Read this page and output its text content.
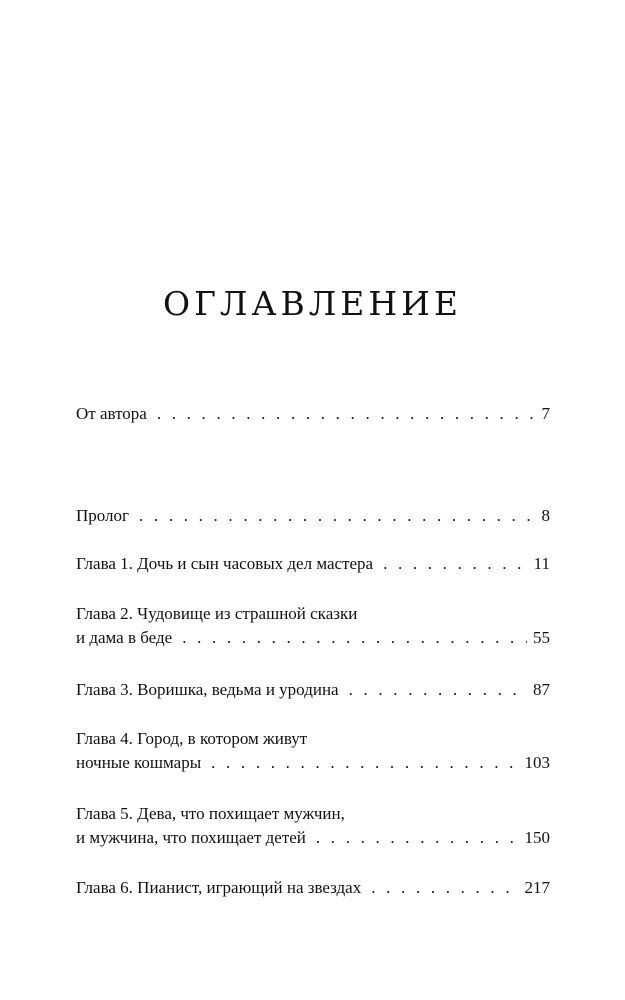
ОГЛАВЛЕНИЕ
От автора . . .	7
Пролог . . .	8
Глава 1. Дочь и сын часовых дел мастера . . .	11
Глава 2. Чудовище из страшной сказки
и дама в беде . . .	55
Глава 3. Воришка, ведьма и уродина . . .	87
Глава 4. Город, в котором живут
ночные кошмары . . .	103
Глава 5. Дева, что похищает мужчин,
и мужчина, что похищает детей . . .	150
Глава 6. Пианист, играющий на звездах . . .	217
